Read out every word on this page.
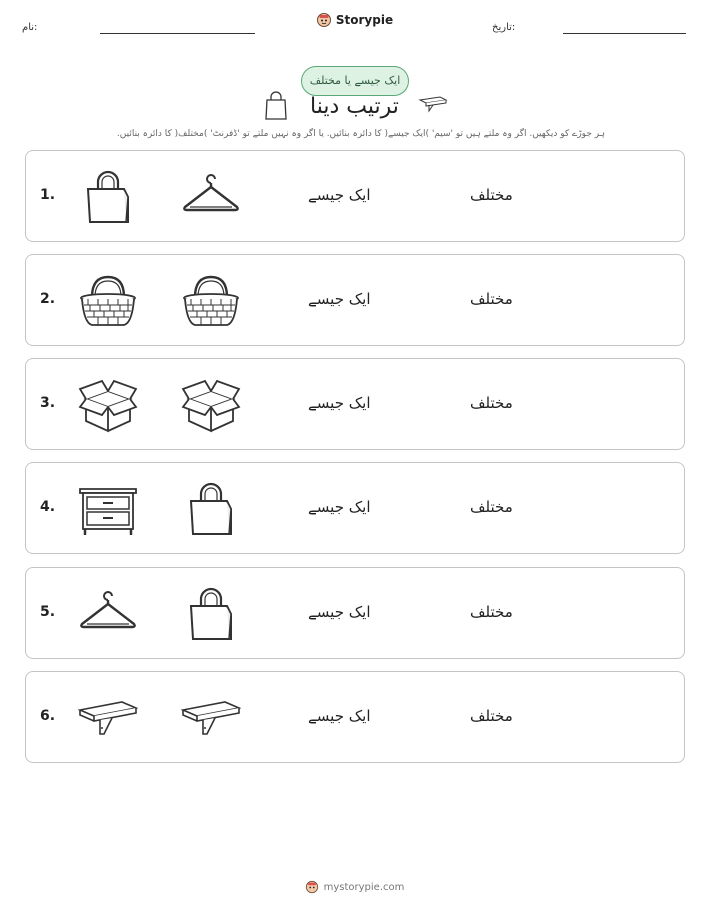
نام:
Storypie
تاریخ:
ایک جیسے یا مختلف
ترتیب دینا
ہر جوڑے کو دیکھیں. اگر وہ ملتے ہیں تو 'سیم' )ایک جیسے( کا دائرہ بنائیں. یا اگر وہ نہیں ملتے تو 'ڈفرنٹ' )مختلف( کا دائرہ بنائیں.
1.	ایک جیسے	مختلف
2.	ایک جیسے	مختلف
3.	ایک جیسے	مختلف
4.	ایک جیسے	مختلف
5.	ایک جیسے	مختلف
6.	ایک جیسے	مختلف
mystorypie.com
